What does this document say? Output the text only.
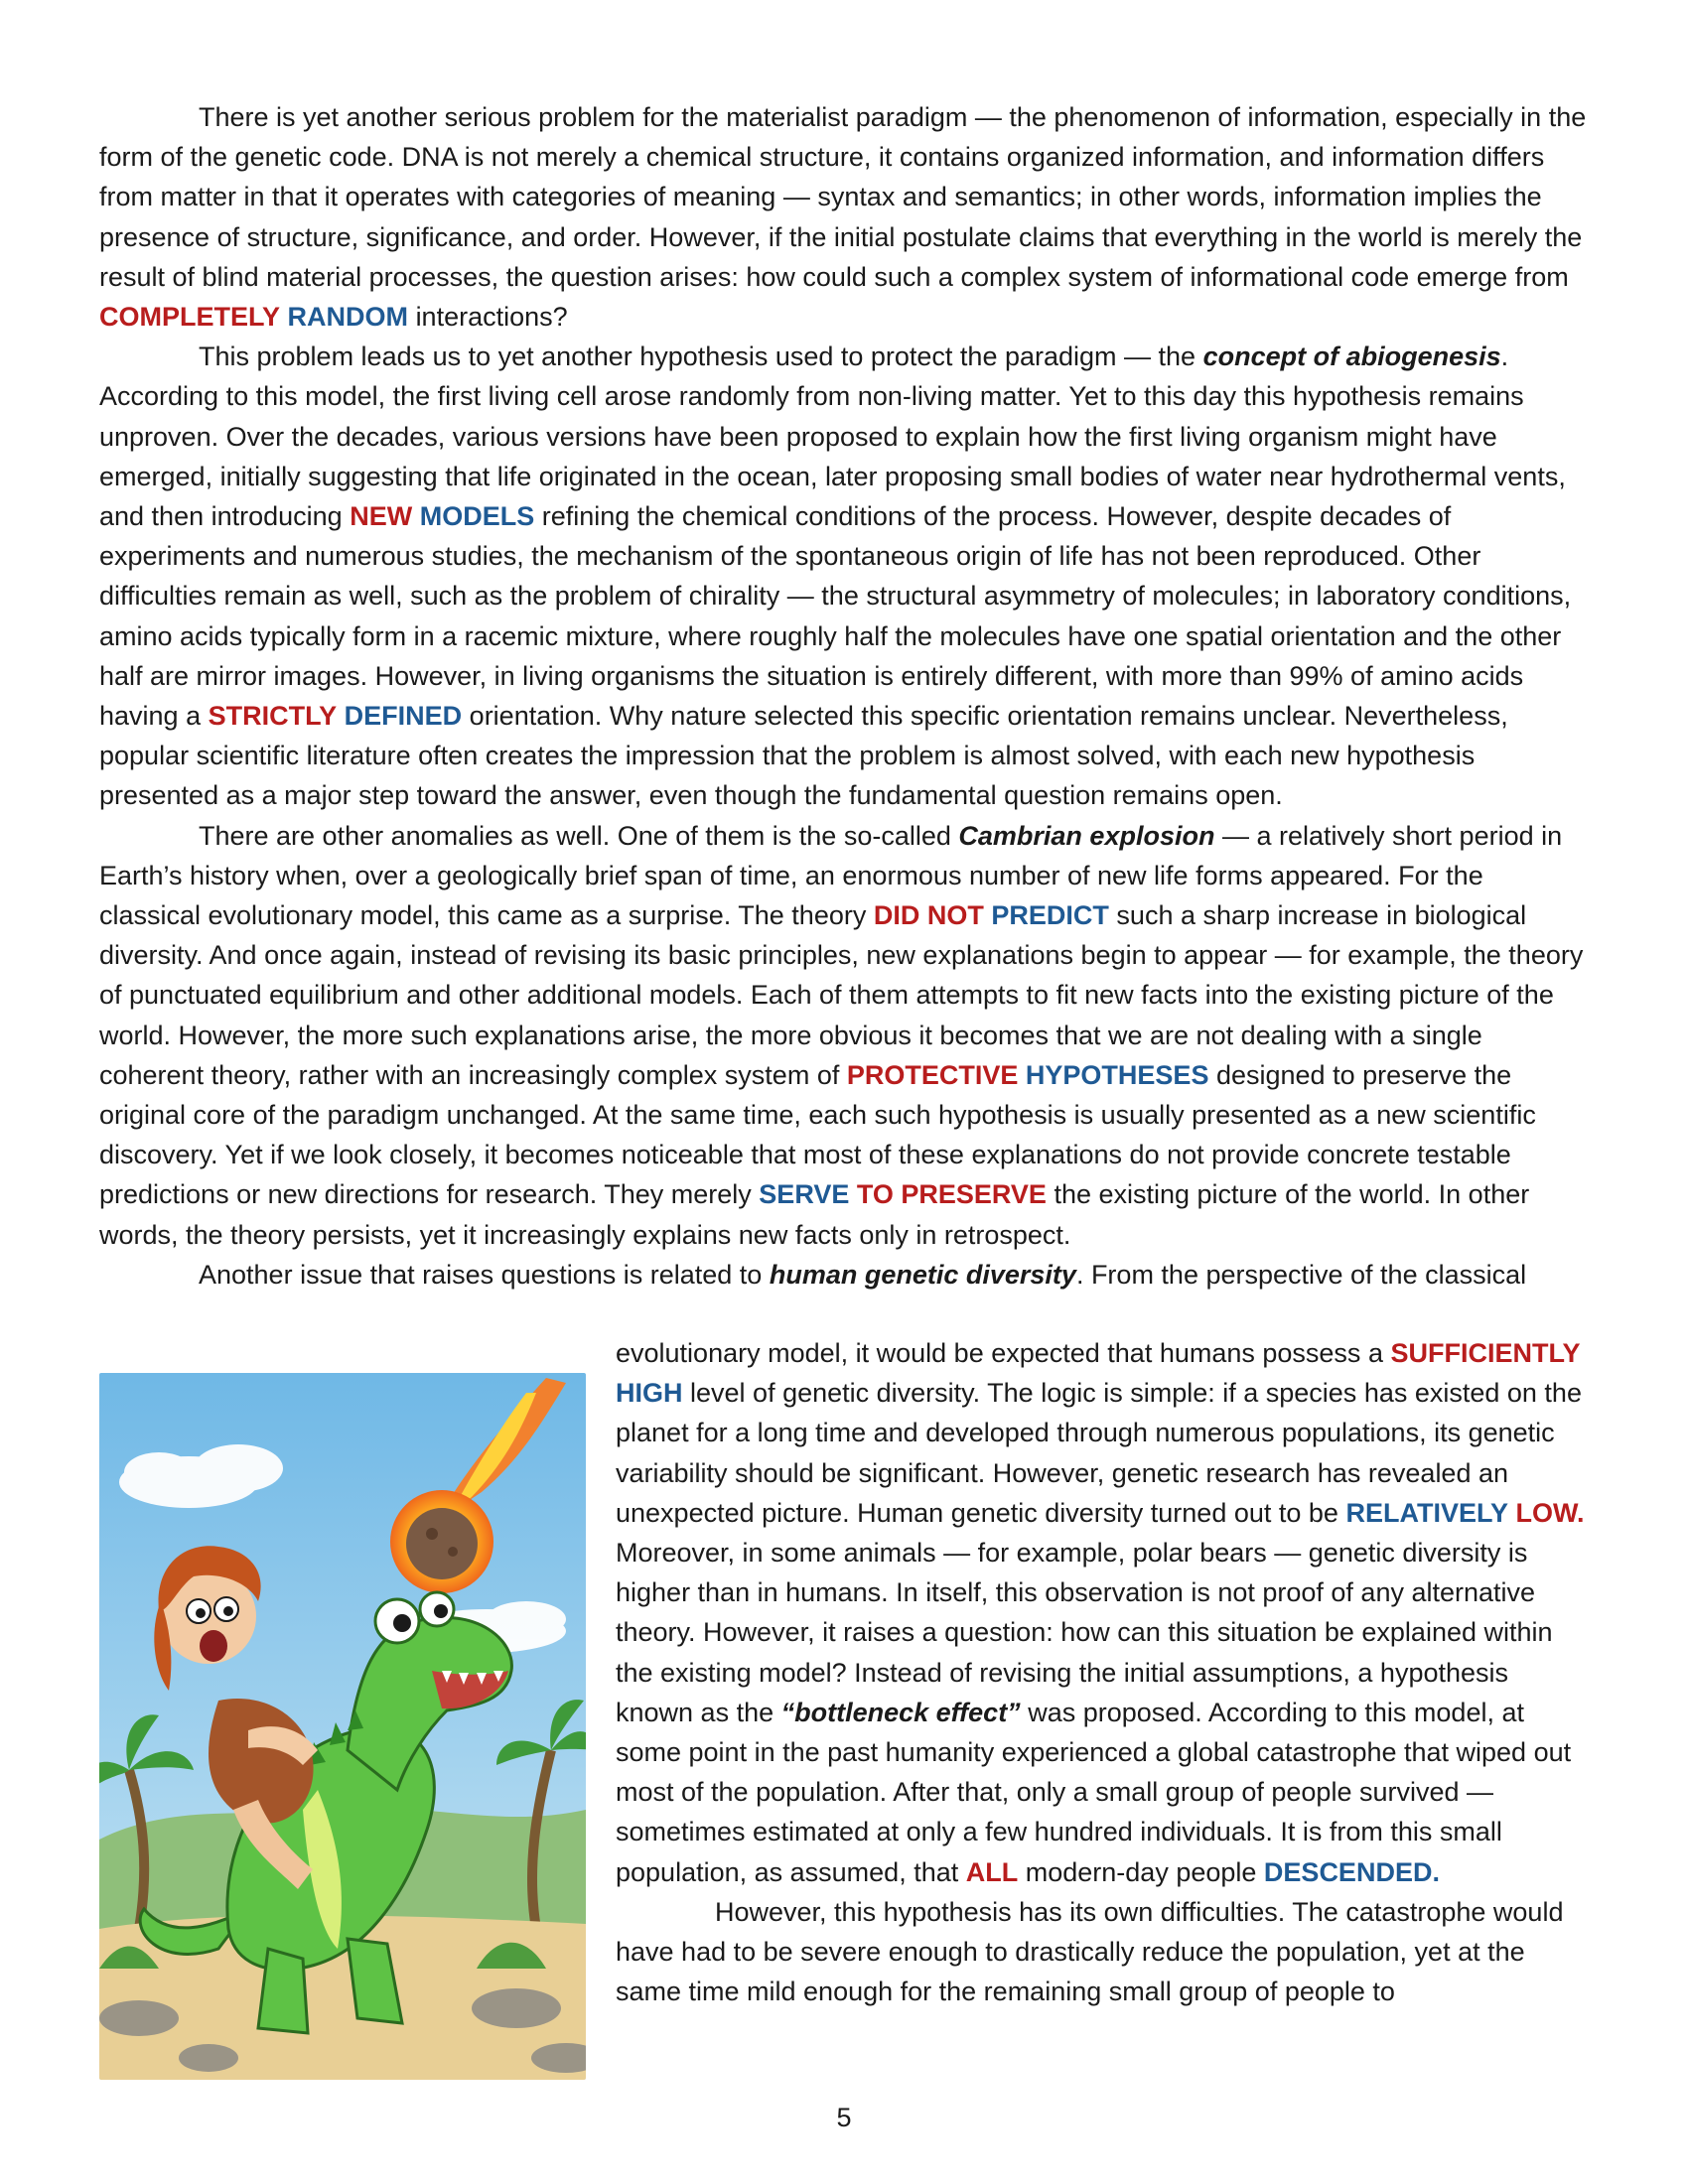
There is yet another serious problem for the materialist paradigm — the phenomenon of information, especially in the form of the genetic code. DNA is not merely a chemical structure, it contains organized information, and information differs from matter in that it operates with categories of meaning — syntax and semantics; in other words, information implies the presence of structure, significance, and order. However, if the initial postulate claims that everything in the world is merely the result of blind material processes, the question arises: how could such a complex system of informational code emerge from COMPLETELY RANDOM interactions?

This problem leads us to yet another hypothesis used to protect the paradigm — the concept of abiogenesis. According to this model, the first living cell arose randomly from non-living matter. Yet to this day this hypothesis remains unproven. Over the decades, various versions have been proposed to explain how the first living organism might have emerged, initially suggesting that life originated in the ocean, later proposing small bodies of water near hydrothermal vents, and then introducing NEW MODELS refining the chemical conditions of the process. However, despite decades of experiments and numerous studies, the mechanism of the spontaneous origin of life has not been reproduced. Other difficulties remain as well, such as the problem of chirality — the structural asymmetry of molecules; in laboratory conditions, amino acids typically form in a racemic mixture, where roughly half the molecules have one spatial orientation and the other half are mirror images. However, in living organisms the situation is entirely different, with more than 99% of amino acids having a STRICTLY DEFINED orientation. Why nature selected this specific orientation remains unclear. Nevertheless, popular scientific literature often creates the impression that the problem is almost solved, with each new hypothesis presented as a major step toward the answer, even though the fundamental question remains open.

There are other anomalies as well. One of them is the so-called Cambrian explosion — a relatively short period in Earth’s history when, over a geologically brief span of time, an enormous number of new life forms appeared. For the classical evolutionary model, this came as a surprise. The theory DID NOT PREDICT such a sharp increase in biological diversity. And once again, instead of revising its basic principles, new explanations begin to appear — for example, the theory of punctuated equilibrium and other additional models. Each of them attempts to fit new facts into the existing picture of the world. However, the more such explanations arise, the more obvious it becomes that we are not dealing with a single coherent theory, rather with an increasingly complex system of PROTECTIVE HYPOTHESES designed to preserve the original core of the paradigm unchanged. At the same time, each such hypothesis is usually presented as a new scientific discovery. Yet if we look closely, it becomes noticeable that most of these explanations do not provide concrete testable predictions or new directions for research. They merely SERVE TO PRESERVE the existing picture of the world. In other words, the theory persists, yet it increasingly explains new facts only in retrospect.

Another issue that raises questions is related to human genetic diversity. From the perspective of the classical

evolutionary model, it would be expected that humans possess a SUFFICIENTLY HIGH level of genetic diversity. The logic is simple: if a species has existed on the planet for a long time and developed through numerous populations, its genetic variability should be significant. However, genetic research has revealed an unexpected picture. Human genetic diversity turned out to be RELATIVELY LOW. Moreover, in some animals — for example, polar bears — genetic diversity is higher than in humans. In itself, this observation is not proof of any alternative theory. However, it raises a question: how can this situation be explained within the existing model? Instead of revising the initial assumptions, a hypothesis known as the “bottleneck effect” was proposed. According to this model, at some point in the past humanity experienced a global catastrophe that wiped out most of the population. After that, only a small group of people survived — sometimes estimated at only a few hundred individuals. It is from this small population, as assumed, that ALL modern-day people DESCENDED.

However, this hypothesis has its own difficulties. The catastrophe would have had to be severe enough to drastically reduce the population, yet at the same time mild enough for the remaining small group of people to

5
